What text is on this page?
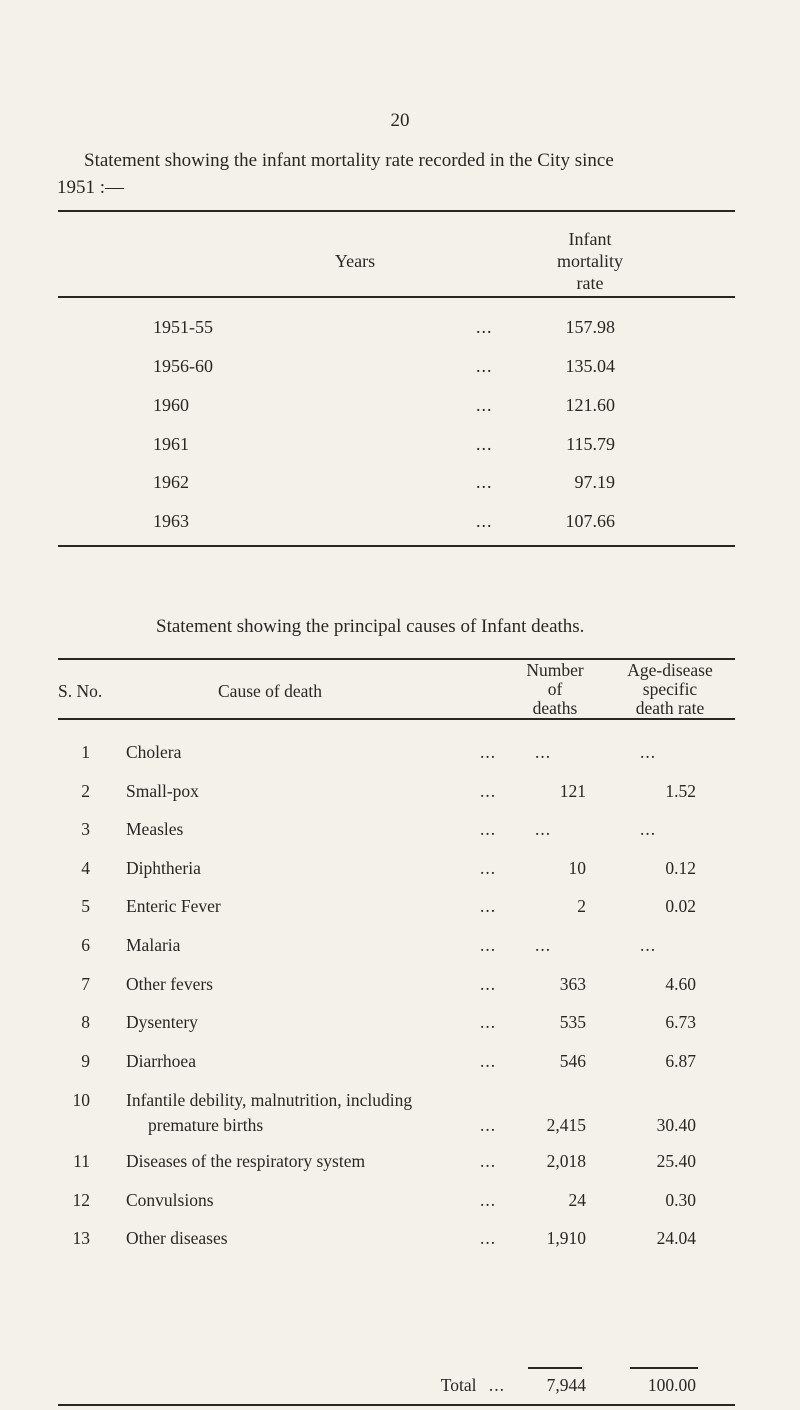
20
Statement showing the infant mortality rate recorded in the City since
1951 :—
Years
Infant
mortality
rate
1951-55	...	157.98
1956-60	...	135.04
1960	...	121.60
1961	...	115.79
1962	...	97.19
1963	...	107.66
Statement showing the principal causes of Infant deaths.
S. No.	Cause of death
Number
of
deaths
Age-disease
specific
death rate
1 Cholera	...	...	...
2 Small-pox	...	121	1.52
3 Measles	...	...	...
4 Diphtheria	...	10	0.12
5 Enteric Fever	...	2	0.02
6 Malaria	...	...	...
7 Other fevers	...	363	4.60
8 Dysentery	...	535	6.73
9 Diarrhoea	...	546	6.87
10 Infantile debility, malnutrition, including
premature births	...	2,415	30.40
11 Diseases of the respiratory system	...	2,018	25.40
12 Convulsions	...	24	0.30
13 Other diseases	...	1,910	24.04
Total ...	7,944	100.00
